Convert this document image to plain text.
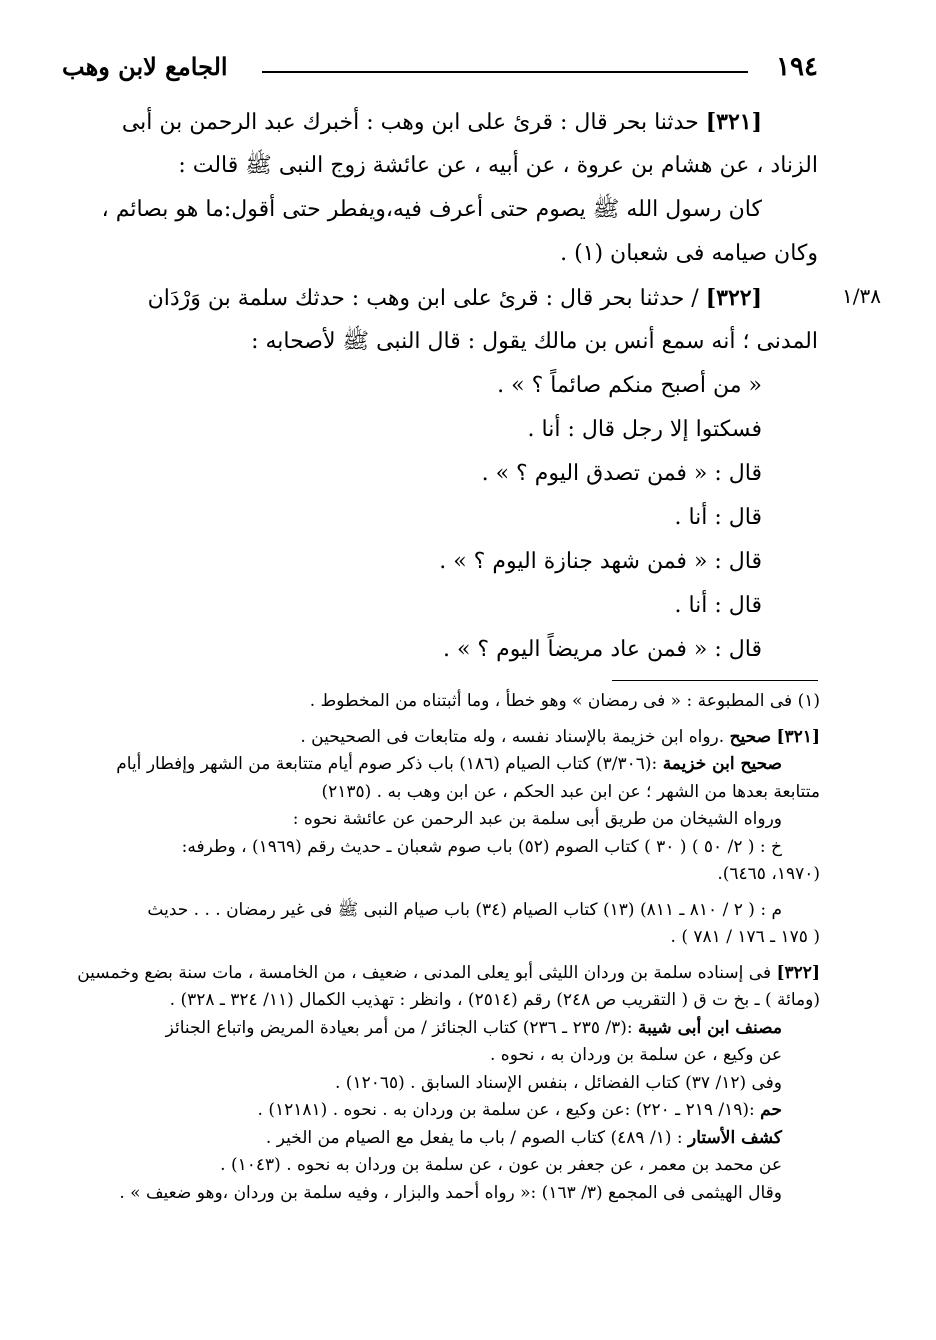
١٩٤
الجامع لابن وهب
١/٣٨
[٣٢١] حدثنا بحر قال : قرئ على ابن وهب : أخبرك عبد الرحمن بن أبى
الزناد ، عن هشام بن عروة ، عن أبيه ، عن عائشة زوج النبى ﷺ قالت :
كان رسول الله ﷺ يصوم حتى أعرف فيه،ويفطر حتى أقول:ما هو بصائم ،
وكان صيامه فى شعبان (١) .
[٣٢٢] / حدثنا بحر قال : قرئ على ابن وهب : حدثك سلمة بن وَرْدَان
المدنى ؛ أنه سمع أنس بن مالك يقول : قال النبى ﷺ لأصحابه :
« من أصبح منكم صائماً ؟ » .
فسكتوا إلا رجل قال : أنا .
قال : « فمن تصدق اليوم ؟ » .
قال : أنا .
قال : « فمن شهد جنازة اليوم ؟ » .
قال : أنا .
قال : « فمن عاد مريضاً اليوم ؟ » .
(١) فى المطبوعة : « فى رمضان » وهو خطأ ، وما أثبتناه من المخطوط .
[٣٢١] صحيح .رواه ابن خزيمة بالإسناد نفسه ، وله متابعات فى الصحيحين .
صحيح ابن خزيمة :(٣/٣٠٦) كتاب الصيام (١٨٦) باب ذكر صوم أيام متتابعة من الشهر وإفطار أيام
متتابعة بعدها من الشهر ؛ عن ابن عبد الحكم ، عن ابن وهب به . (٢١٣٥)
ورواه الشيخان من طريق أبى سلمة بن عبد الرحمن عن عائشة نحوه :
خ : ( ٢/ ٥٠ ) ( ٣٠ ) كتاب الصوم (٥٢) باب صوم شعبان ـ حديث رقم (١٩٦٩) ، وطرفه:
(١٩٧٠، ٦٤٦٥).
م : ( ٢ / ٨١٠ ـ ٨١١) (١٣) كتاب الصيام (٣٤) باب صيام النبى ﷺ فى غير رمضان . . . حديث
( ١٧٥ ـ ١٧٦ / ٧٨١ ) .
[٣٢٢] فى إسناده سلمة بن وردان الليثى أبو يعلى المدنى ، ضعيف ، من الخامسة ، مات سنة بضع وخمسين
(ومائة ) ـ بخ ت ق ( التقريب ص ٢٤٨) رقم (٢٥١٤) ، وانظر : تهذيب الكمال (١١/ ٣٢٤ ـ ٣٢٨) .
مصنف ابن أبى شيبة :(٣/ ٢٣٥ ـ ٢٣٦) كتاب الجنائز / من أمر بعيادة المريض واتباع الجنائز
عن وكيع ، عن سلمة بن وردان به ، نحوه .
وفى (١٢/ ٣٧) كتاب الفضائل ، بنفس الإسناد السابق . (١٢٠٦٥) .
حم :(١٩/ ٢١٩ ـ ٢٢٠) :عن وكيع ، عن سلمة بن وردان به . نحوه . (١٢١٨١) .
كشف الأستار : (١/ ٤٨٩) كتاب الصوم / باب ما يفعل مع الصيام من الخير .
عن محمد بن معمر ، عن جعفر بن عون ، عن سلمة بن وردان به نحوه . (١٠٤٣) .
وقال الهيثمى فى المجمع (٣/ ١٦٣) :« رواه أحمد والبزار ، وفيه سلمة بن وردان ،وهو ضعيف » .
